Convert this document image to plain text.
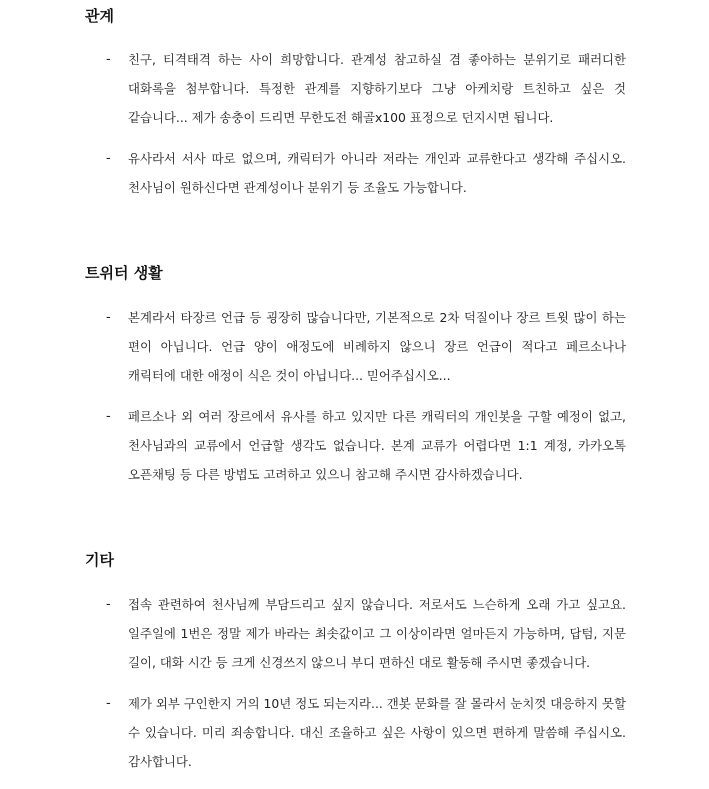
관계
- 친구, 티격태격 하는 사이 희망합니다. 관계성 참고하실 겸 좋아하는 분위기로 패러디한 대화록을 첨부합니다. 특정한 관계를 지향하기보다 그냥 아케치랑 트친하고 싶은 것 같습니다... 제가 송충이 드리면 무한도전 해골x100 표정으로 던지시면 됩니다.
- 유사라서 서사 따로 없으며, 캐릭터가 아니라 저라는 개인과 교류한다고 생각해 주십시오. 천사님이 원하신다면 관계성이나 분위기 등 조율도 가능합니다.
트위터 생활
- 본계라서 타장르 언급 등 굉장히 많습니다만, 기본적으로 2차 덕질이나 장르 트윗 많이 하는 편이 아닙니다. 언급 양이 애정도에 비례하지 않으니 장르 언급이 적다고 페르소나나 캐릭터에 대한 애정이 식은 것이 아닙니다... 믿어주십시오...
- 페르소나 외 여러 장르에서 유사를 하고 있지만 다른 캐릭터의 개인봇을 구할 예정이 없고, 천사님과의 교류에서 언급할 생각도 없습니다. 본계 교류가 어렵다면 1:1 계정, 카카오톡 오픈채팅 등 다른 방법도 고려하고 있으니 참고해 주시면 감사하겠습니다.
기타
- 접속 관련하여 천사님께 부담드리고 싶지 않습니다. 저로서도 느슨하게 오래 가고 싶고요. 일주일에 1번은 정말 제가 바라는 최솟값이고 그 이상이라면 얼마든지 가능하며, 답텀, 지문 길이, 대화 시간 등 크게 신경쓰지 않으니 부디 편하신 대로 활동해 주시면 좋겠습니다.
- 제가 외부 구인한지 거의 10년 정도 되는지라... 갠봇 문화를 잘 몰라서 눈치껏 대응하지 못할 수 있습니다. 미리 죄송합니다. 대신 조율하고 싶은 사항이 있으면 편하게 말씀해 주십시오. 감사합니다.
